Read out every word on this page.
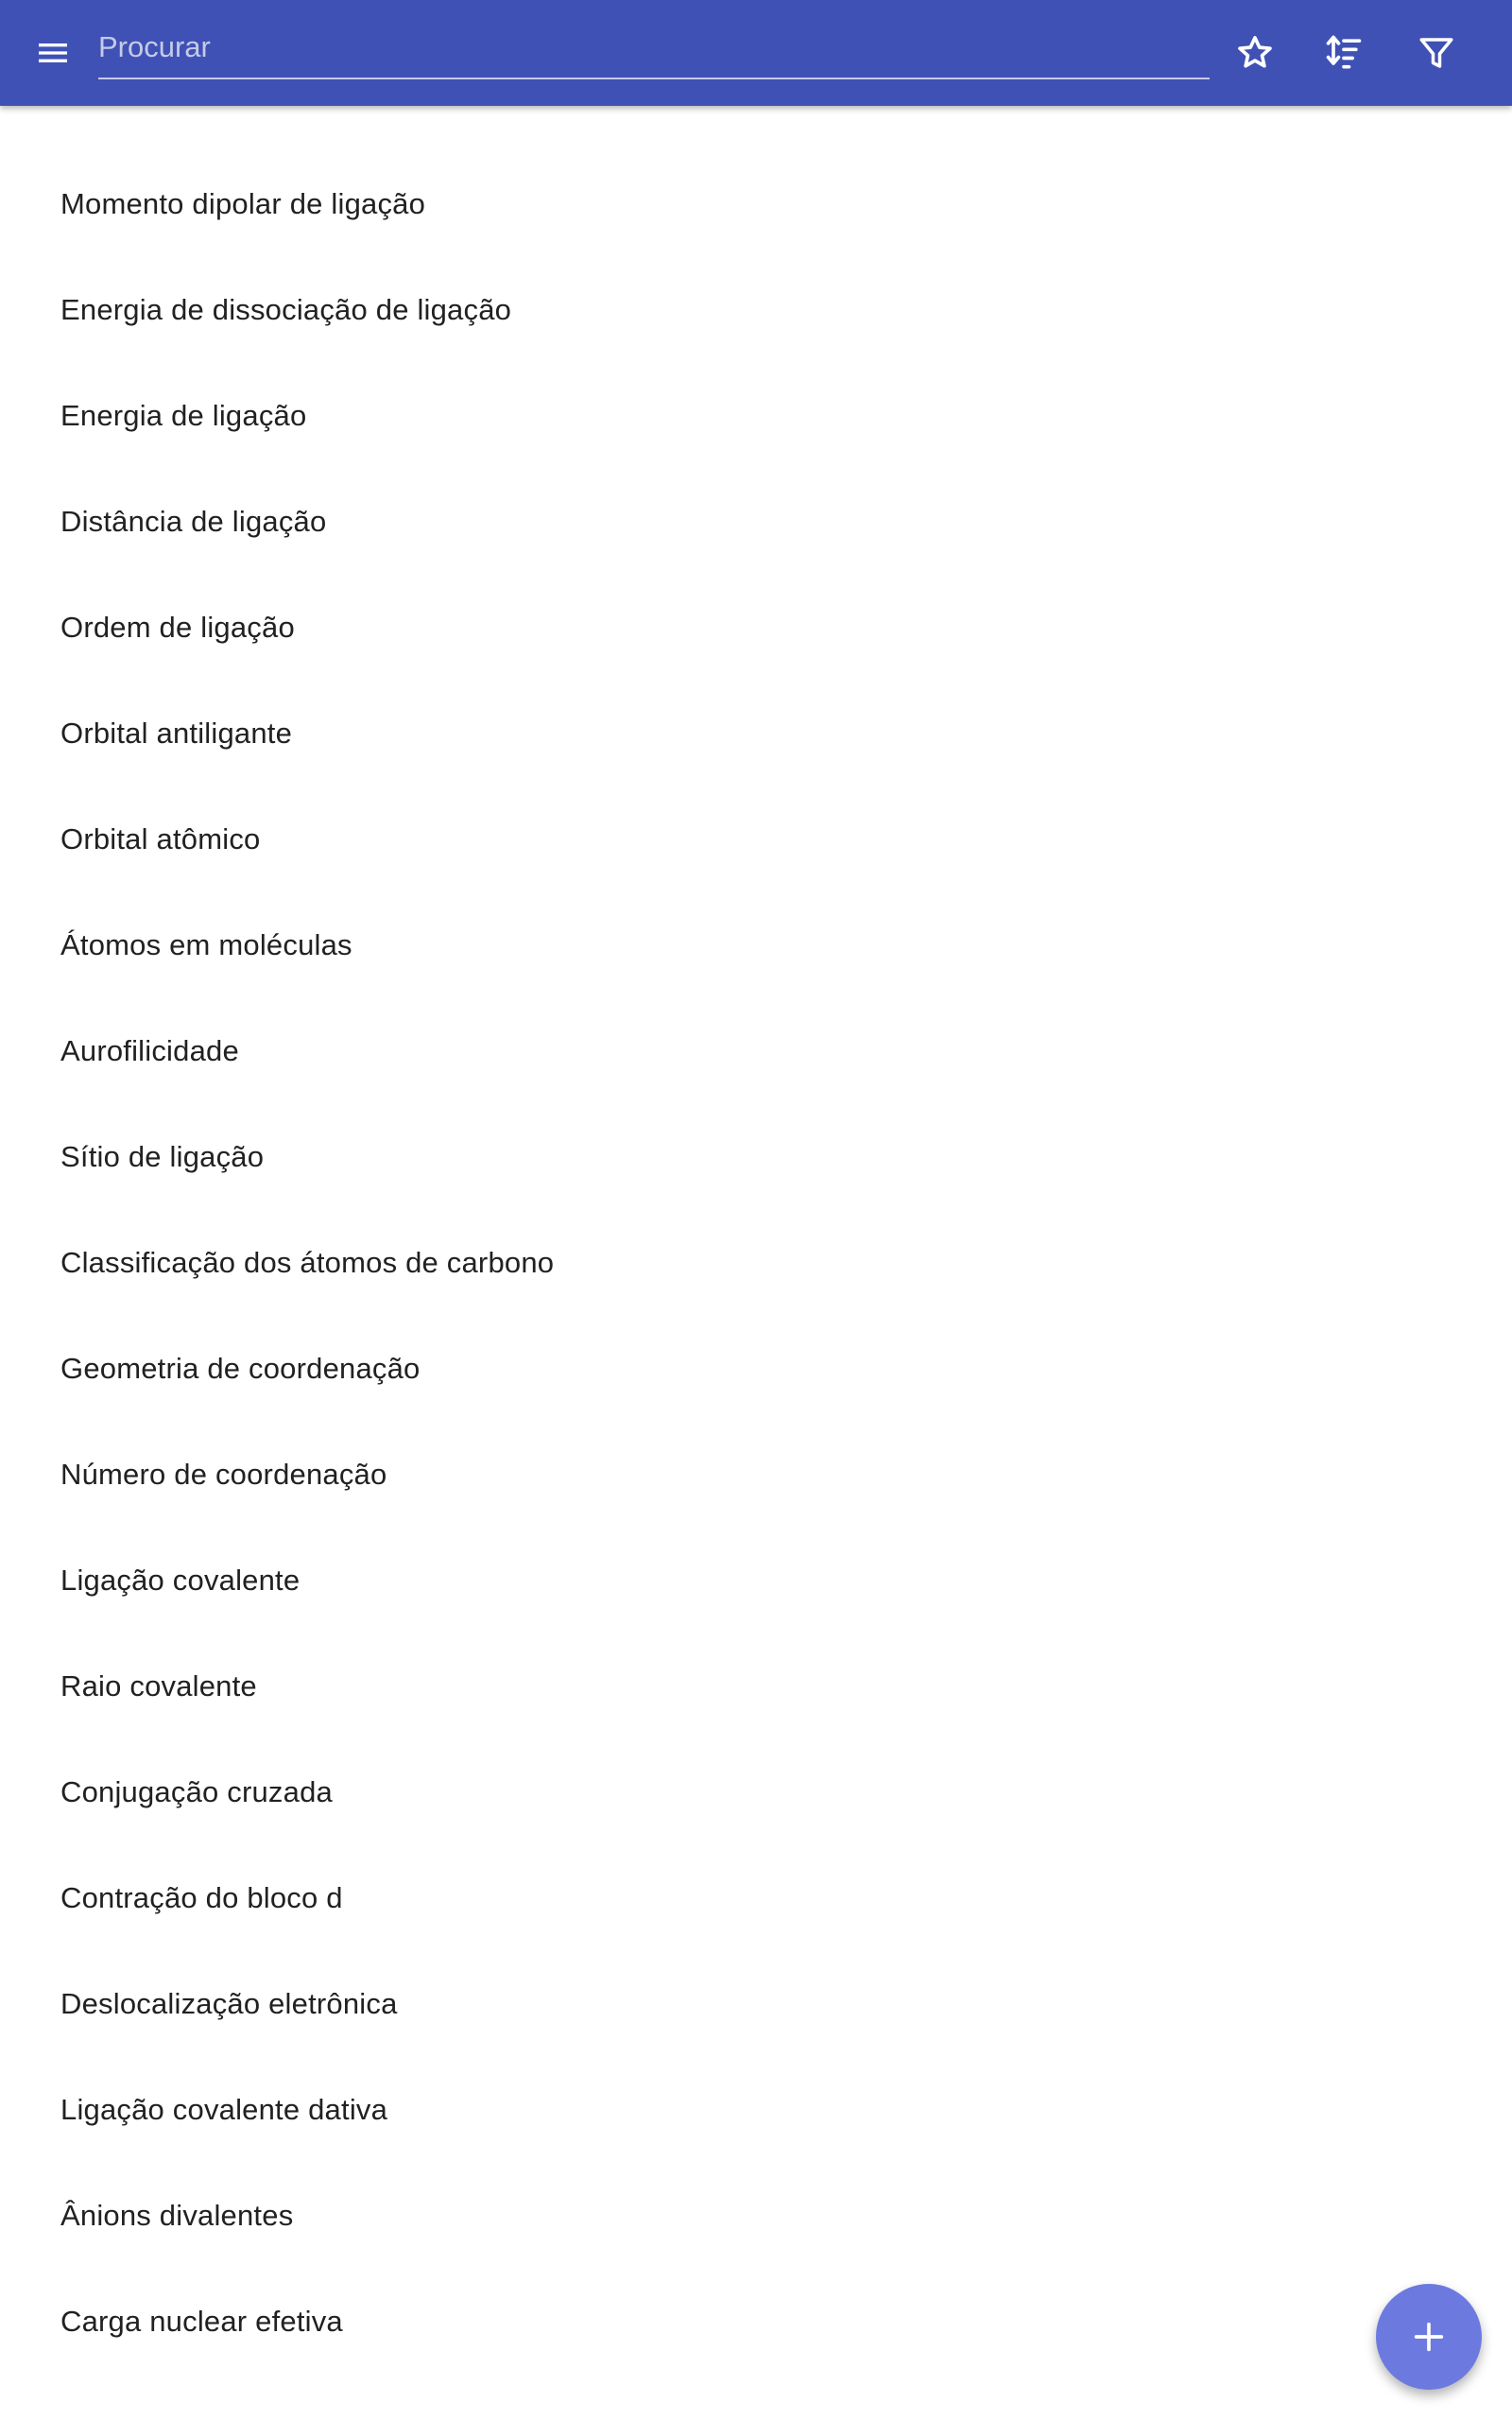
Procurar
Momento dipolar de ligação
Energia de dissociação de ligação
Energia de ligação
Distância de ligação
Ordem de ligação
Orbital antiligante
Orbital atômico
Átomos em moléculas
Aurofilicidade
Sítio de ligação
Classificação dos átomos de carbono
Geometria de coordenação
Número de coordenação
Ligação covalente
Raio covalente
Conjugação cruzada
Contração do bloco d
Deslocalização eletrônica
Ligação covalente dativa
Ânions divalentes
Carga nuclear efetiva
